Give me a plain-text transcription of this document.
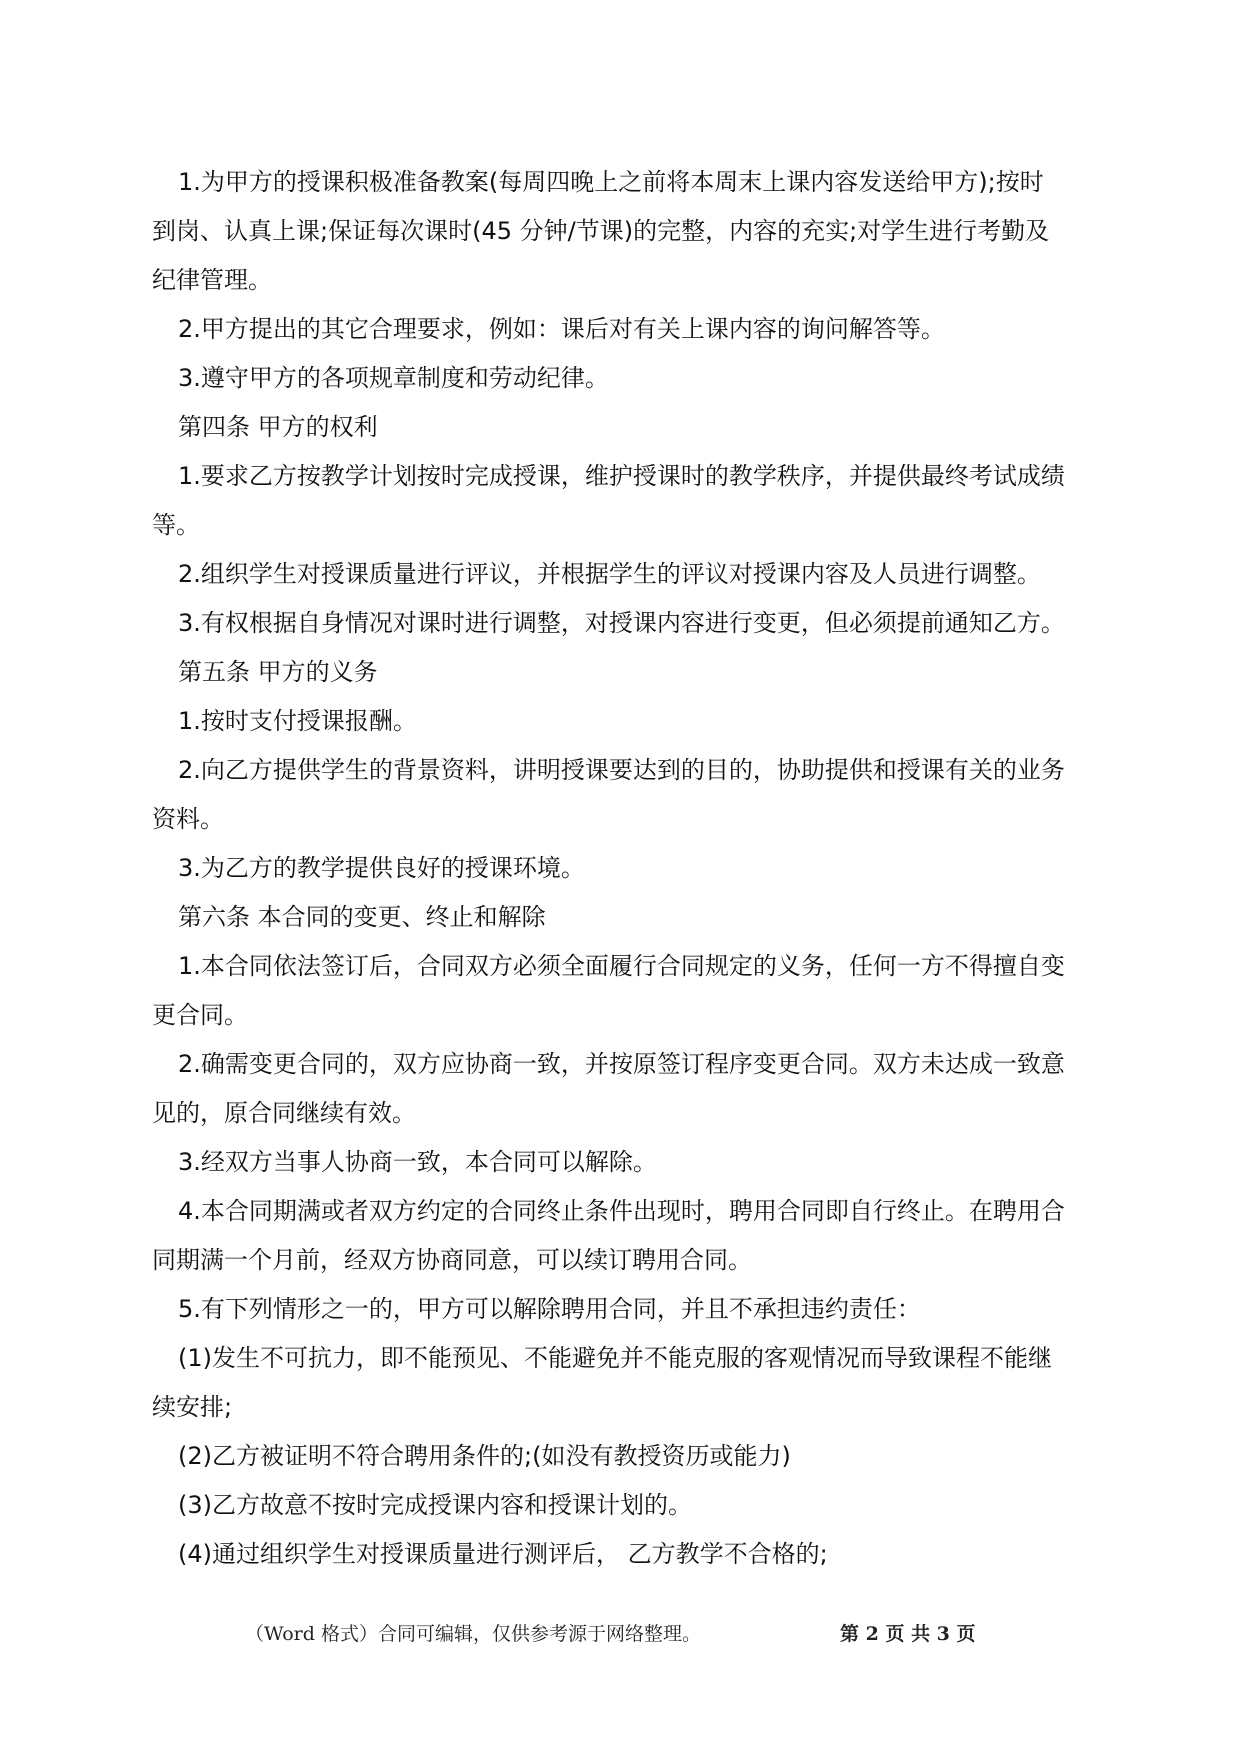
1.为甲方的授课积极准备教案(每周四晚上之前将本周末上课内容发送给甲方);按时

到岗、认真上课;保证每次课时(45 分钟/节课)的完整，内容的充实;对学生进行考勤及

纪律管理。

2.甲方提出的其它合理要求，例如：课后对有关上课内容的询问解答等。

3.遵守甲方的各项规章制度和劳动纪律。

第四条 甲方的权利

1.要求乙方按教学计划按时完成授课，维护授课时的教学秩序，并提供最终考试成绩

等。

2.组织学生对授课质量进行评议，并根据学生的评议对授课内容及人员进行调整。

3.有权根据自身情况对课时进行调整，对授课内容进行变更，但必须提前通知乙方。

第五条 甲方的义务

1.按时支付授课报酬。

2.向乙方提供学生的背景资料，讲明授课要达到的目的，协助提供和授课有关的业务

资料。

3.为乙方的教学提供良好的授课环境。

第六条 本合同的变更、终止和解除

1.本合同依法签订后，合同双方必须全面履行合同规定的义务，任何一方不得擅自变

更合同。

2.确需变更合同的，双方应协商一致，并按原签订程序变更合同。双方未达成一致意

见的，原合同继续有效。

3.经双方当事人协商一致，本合同可以解除。

4.本合同期满或者双方约定的合同终止条件出现时，聘用合同即自行终止。在聘用合

同期满一个月前，经双方协商同意，可以续订聘用合同。

5.有下列情形之一的，甲方可以解除聘用合同，并且不承担违约责任：

(1)发生不可抗力，即不能预见、不能避免并不能克服的客观情况而导致课程不能继

续安排;

(2)乙方被证明不符合聘用条件的;(如没有教授资历或能力)

(3)乙方故意不按时完成授课内容和授课计划的。

(4)通过组织学生对授课质量进行测评后， 乙方教学不合格的;

（Word 格式）合同可编辑，仅供参考源于网络整理。	第 2 页 共 3 页
